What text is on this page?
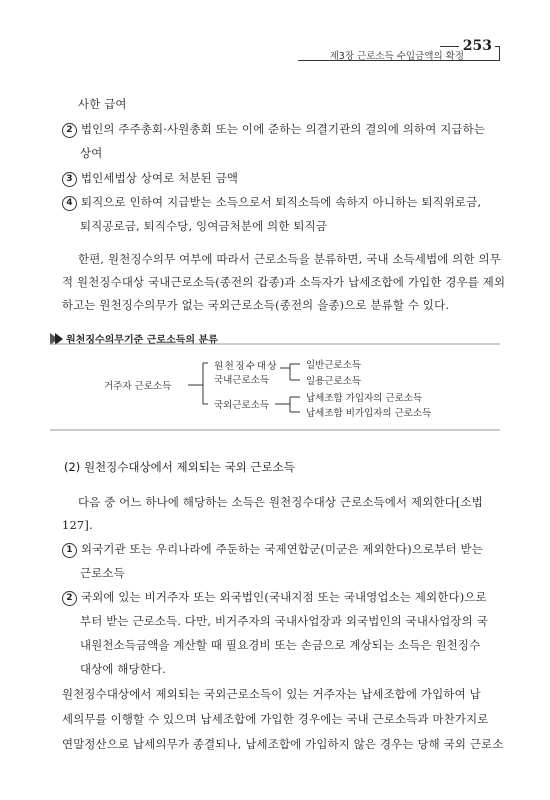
253
제3장 근로소득 수입금액의 확정
사한 급여
2 법인의 주주총회·사원총회 또는 이에 준하는 의결기관의 결의에 의하여 지급하는
상여
3 법인세법상 상여로 처분된 금액
4 퇴직으로 인하여 지급받는 소득으로서 퇴직소득에 속하지 아니하는 퇴직위로금,
퇴직공로금, 퇴직수당, 잉여금처분에 의한 퇴직금
한편, 원천징수의무 여부에 따라서 근로소득을 분류하면, 국내 소득세법에 의한 의무
적 원천징수대상 국내근로소득(종전의 갑종)과 소득자가 납세조합에 가입한 경우를 제외
하고는 원천징수의무가 없는 국외근로소득(종전의 을종)으로 분류할 수 있다.
원천징수의무기준 근로소득의 분류
거주자 근로소득
원천징수대상
국내근로소득
국외근로소득
일반근로소득
일용근로소득
납세조합 가입자의 근로소득
납세조합 비가입자의 근로소득
(2) 원천징수대상에서 제외되는 국외 근로소득
다음 중 어느 하나에 해당하는 소득은 원천징수대상 근로소득에서 제외한다[소법
127].
1 외국기관 또는 우리나라에 주둔하는 국제연합군(미군은 제외한다)으로부터 받는
근로소득
2 국외에 있는 비거주자 또는 외국법인(국내지점 또는 국내영업소는 제외한다)으로
부터 받는 근로소득. 다만, 비거주자의 국내사업장과 외국법인의 국내사업장의 국
내원천소득금액을 계산할 때 필요경비 또는 손금으로 계상되는 소득은 원천징수
대상에 해당한다.
원천징수대상에서 제외되는 국외근로소득이 있는 거주자는 납세조합에 가입하여 납
세의무를 이행할 수 있으며 납세조합에 가입한 경우에는 국내 근로소득과 마찬가지로
연말정산으로 납세의무가 종결되나, 납세조합에 가입하지 않은 경우는 당해 국외 근로소
